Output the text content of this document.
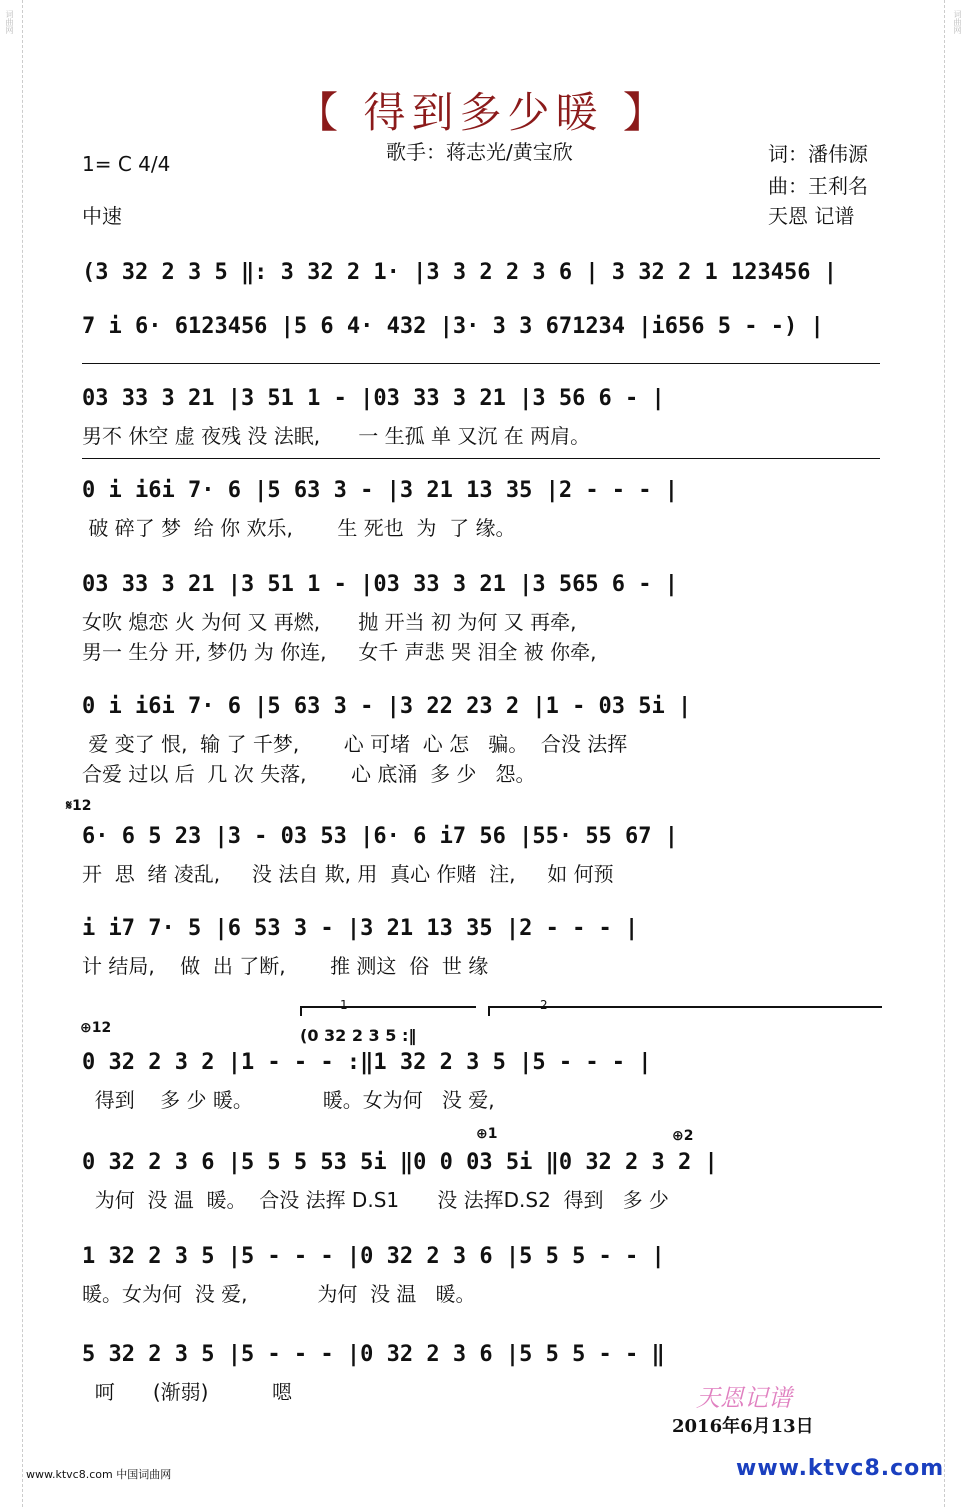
词曲网	词曲网
【 得到多少暖 】
歌手：蒋志光/黄宝欣	词：潘伟源
曲：王利名
天恩 记谱
1= C 4/4
中速
(3 32 2 3 5 ‖: 3 32 2 1· |3 3 2 2 3 6 | 3 32 2 1 123456 |
7 i 6· 6123456 |5 6 4· 432 |3· 3 3 671234 |i656 5 - -) |
03 33 3 21 |3 51 1 - |03 33 3 21 |3 56 6 - |
男不 休空 虚 夜残 没 法眠,      一 生孤 单 又沉 在 两肩。
0 i i6i 7· 6 |5 63 3 - |3 21 13 35 |2 - - - |
破 碎了 梦  给 你 欢乐,       生 死也  为  了 缘。
03 33 3 21 |3 51 1 - |03 33 3 21 |3 565 6 - |
女吹 熄恋 火 为何 又 再燃,      抛 开当 初 为何 又 再牵,
男一 生分 开, 梦仍 为 你连,     女千 声悲 哭 泪全 被 你牵,
0 i i6i 7· 6 |5 63 3 - |3 22 23 2 |1 - 03 5i |
爱 变了 恨,  输 了 千梦,       心 可堵  心 怎   骗。  合没 法挥
合爱 过以 后  几 次 失落,       心 底涌  多 少   怨。
𝄋12
6· 6 5 23 |3 - 03 53 |6· 6 i7 56 |55· 55 67 |
开  思  绪 凌乱,     没 法自 欺, 用  真心 作赌  注,     如 何预
i i7 7· 5 |6 53 3 - |3 21 13 35 |2 - - - |
计 结局,    做  出 了断,       推 测这  俗  世 缘
1	2
(0 32 2 3 5 :‖
⊕12
0 32 2 3 2 |1 - - - :‖1 32 2 3 5 |5 - - - |
得到    多 少 暖。           暖。女为何   没 爱,
⊕1	⊕2
0 32 2 3 6 |5 5 5 53 5i ‖0 0 03 5i ‖0 32 2 3 2 |
为何  没 温  暖。  合没 法挥 D.S1      没 法挥D.S2  得到   多 少
1 32 2 3 5 |5 - - - |0 32 2 3 6 |5 5 5 - - |
暖。女为何  没 爱,           为何  没 温   暖。
5 32 2 3 5 |5 - - - |0 32 2 3 6 |5 5 5 - - ‖
呵      (渐弱)          嗯	天恩记谱
2016年6月13日
www.ktvc8.com 中国词曲网	www.ktvc8.com
